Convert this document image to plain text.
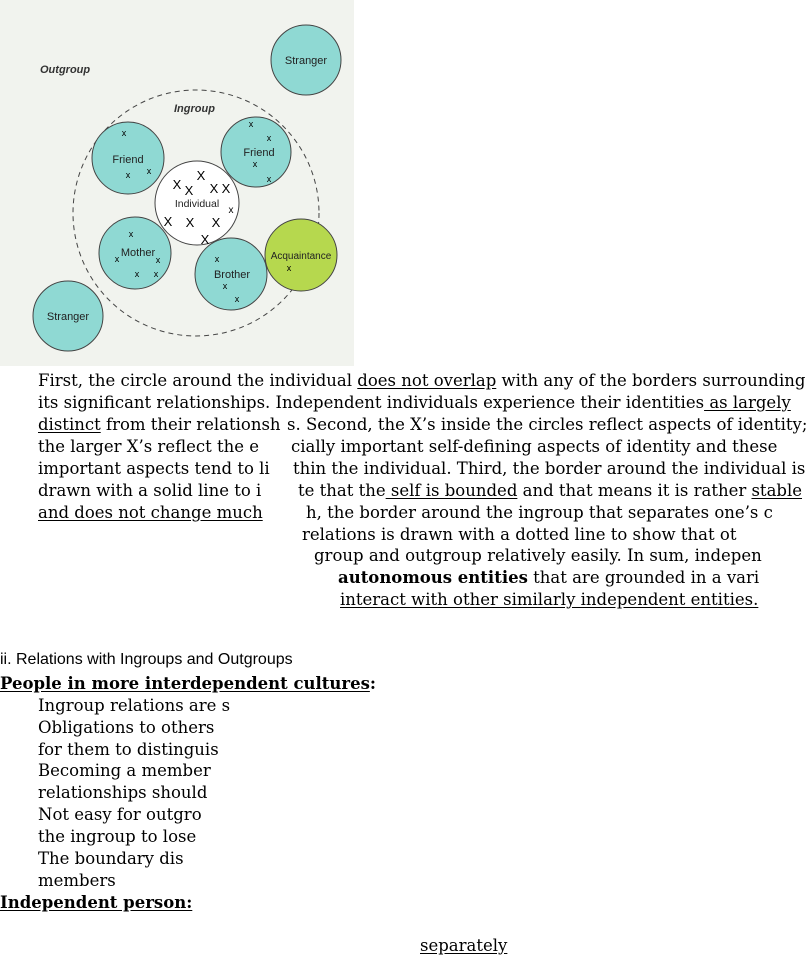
Outgroup
Ingroup
Stranger
Stranger
Friend
x
x x
Friend
x
x
x
x
Individual
X
X
X X X
x
X X X
X
Mother
x
x	x
x x	Brother
x
x
x
Acquaintance
x
First, the circle around the individual does not overlap with any of the borders surrounding
its significant relationships. Independent individuals experience their identities as largely
distinct from their relationsh s. Second, the X’s inside the circles reflect aspects of identity;
the larger X’s reflect the e cially important self-defining aspects of identity and these
important aspects tend to li thin the individual. Third, the border around the individual is
drawn with a solid line to i te that the self is bounded and that means it is rather stable
and does not change much	h, the border around the ingroup that separates one’s c
relations is drawn with a dotted line to show that ot
group and outgroup relatively easily. In sum, indepen
autonomous entities that are grounded in a vari
interact with other similarly independent entities.
ii. Relations with Ingroups and Outgroups
People in more interdependent cultures:
Ingroup relations are s
Obligations to others
for them to distinguis
Becoming a member
relationships should
Not easy for outgro
the ingroup to lose
The boundary dis
members
Independent person:
separately
